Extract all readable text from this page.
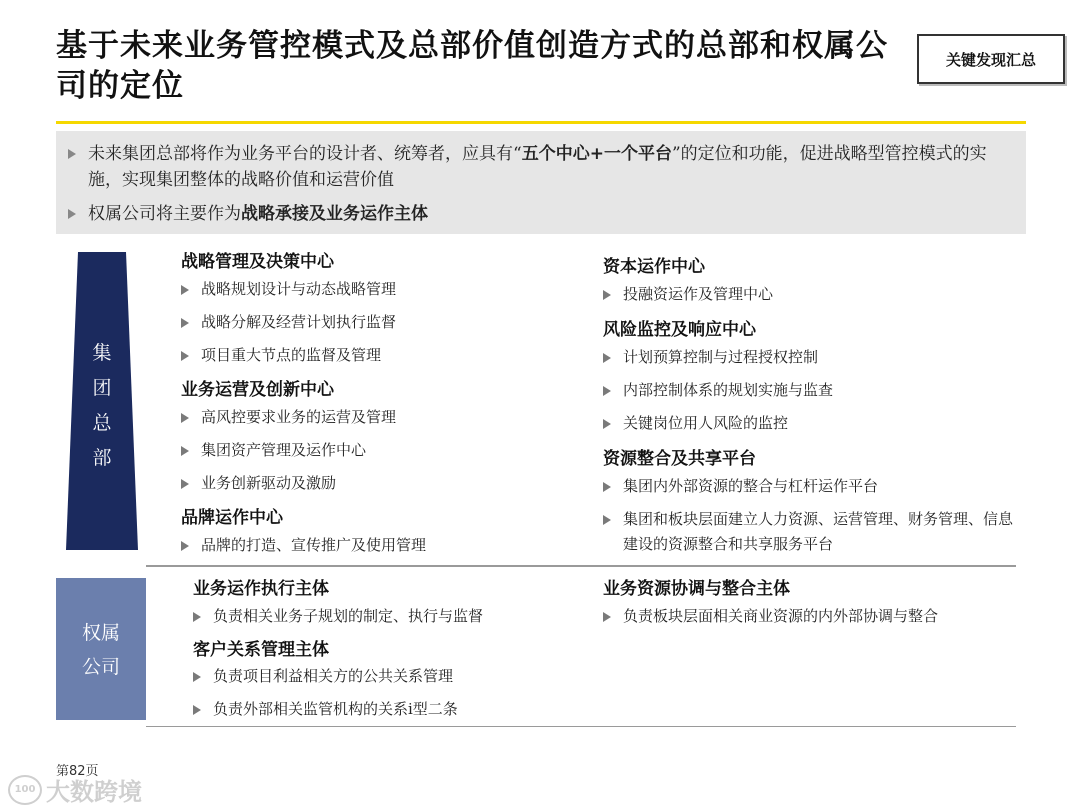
基于未来业务管控模式及总部价值创造方式的总部和权属公司的定位
关键发现汇总
未来集团总部将作为业务平台的设计者、统筹者，应具有“五个中心+一个平台”的定位和功能，促进战略型管控模式的实施，实现集团整体的战略价值和运营价值
权属公司将主要作为战略承接及业务运作主体
集
团
总
部
战略管理及决策中心
战略规划设计与动态战略管理
战略分解及经营计划执行监督
项目重大节点的监督及管理
业务运营及创新中心
高风控要求业务的运营及管理
集团资产管理及运作中心
业务创新驱动及激励
品牌运作中心
品牌的打造、宣传推广及使用管理
资本运作中心
投融资运作及管理中心
风险监控及响应中心
计划预算控制与过程授权控制
内部控制体系的规划实施与监查
关键岗位用人风险的监控
资源整合及共享平台
集团内外部资源的整合与杠杆运作平台
集团和板块层面建立人力资源、运营管理、财务管理、信息建设的资源整合和共享服务平台
权属
公司
业务运作执行主体
负责相关业务子规划的制定、执行与监督
客户关系管理主体
负责项目利益相关方的公共关系管理
负责外部相关监管机构的关系i型二条
业务资源协调与整合主体
负责板块层面相关商业资源的内外部协调与整合
第82页
100 大数跨境
